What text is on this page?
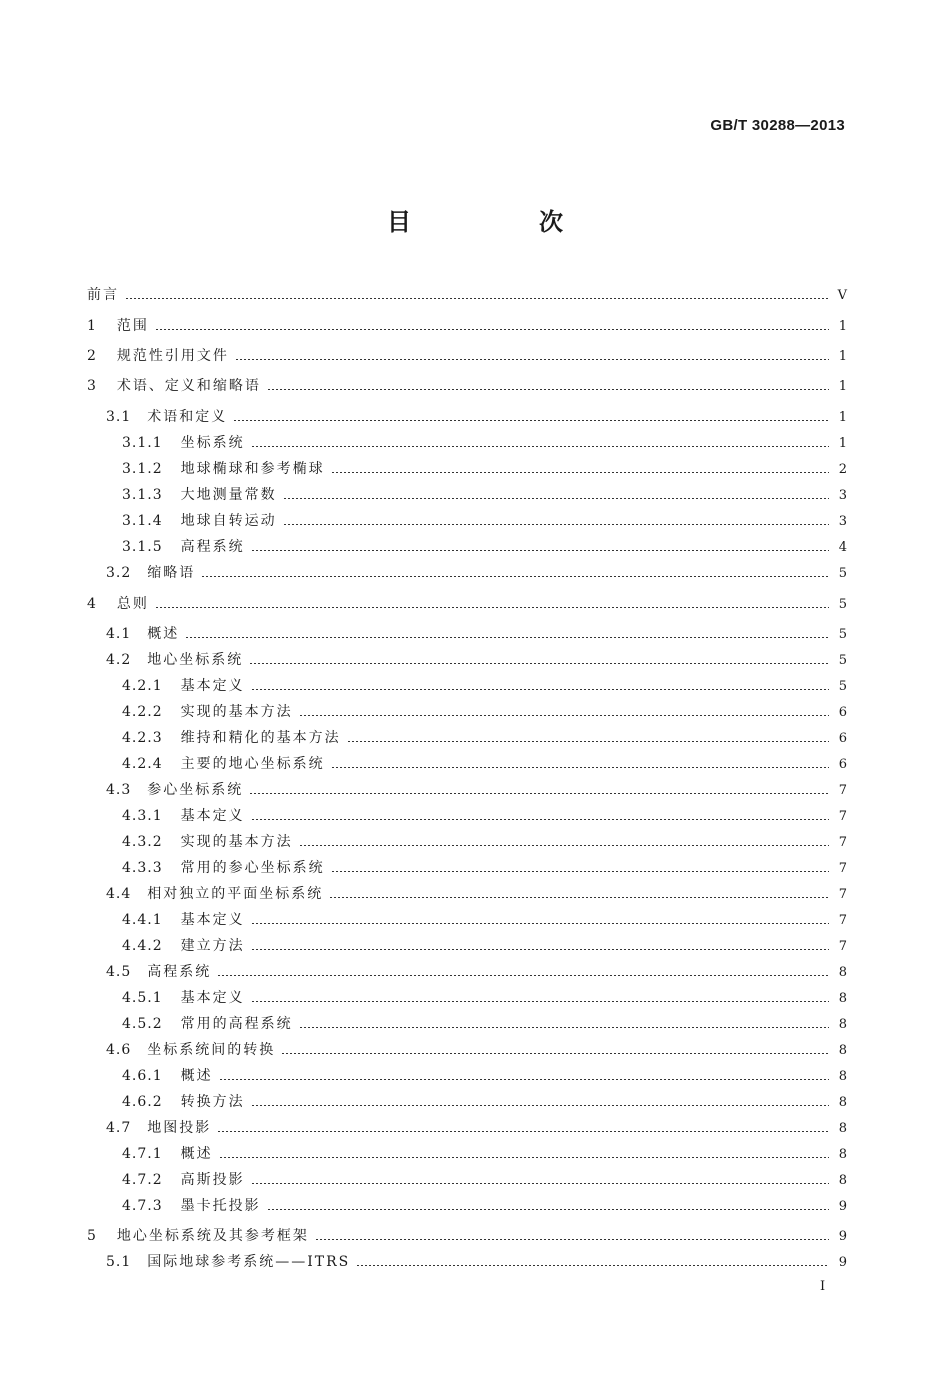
GB/T 30288—2013
目　次
前言	V
1 范围	1
2 规范性引用文件	1
3 术语、定义和缩略语	1
3.1 术语和定义	1
3.1.1 坐标系统	1
3.1.2 地球椭球和参考椭球	2
3.1.3 大地测量常数	3
3.1.4 地球自转运动	3
3.1.5 高程系统	4
3.2 缩略语	5
4 总则	5
4.1 概述	5
4.2 地心坐标系统	5
4.2.1 基本定义	5
4.2.2 实现的基本方法	6
4.2.3 维持和精化的基本方法	6
4.2.4 主要的地心坐标系统	6
4.3 参心坐标系统	7
4.3.1 基本定义	7
4.3.2 实现的基本方法	7
4.3.3 常用的参心坐标系统	7
4.4 相对独立的平面坐标系统	7
4.4.1 基本定义	7
4.4.2 建立方法	7
4.5 高程系统	8
4.5.1 基本定义	8
4.5.2 常用的高程系统	8
4.6 坐标系统间的转换	8
4.6.1 概述	8
4.6.2 转换方法	8
4.7 地图投影	8
4.7.1 概述	8
4.7.2 高斯投影	8
4.7.3 墨卡托投影	9
5 地心坐标系统及其参考框架	9
5.1 国际地球参考系统——ITRS	9
I
